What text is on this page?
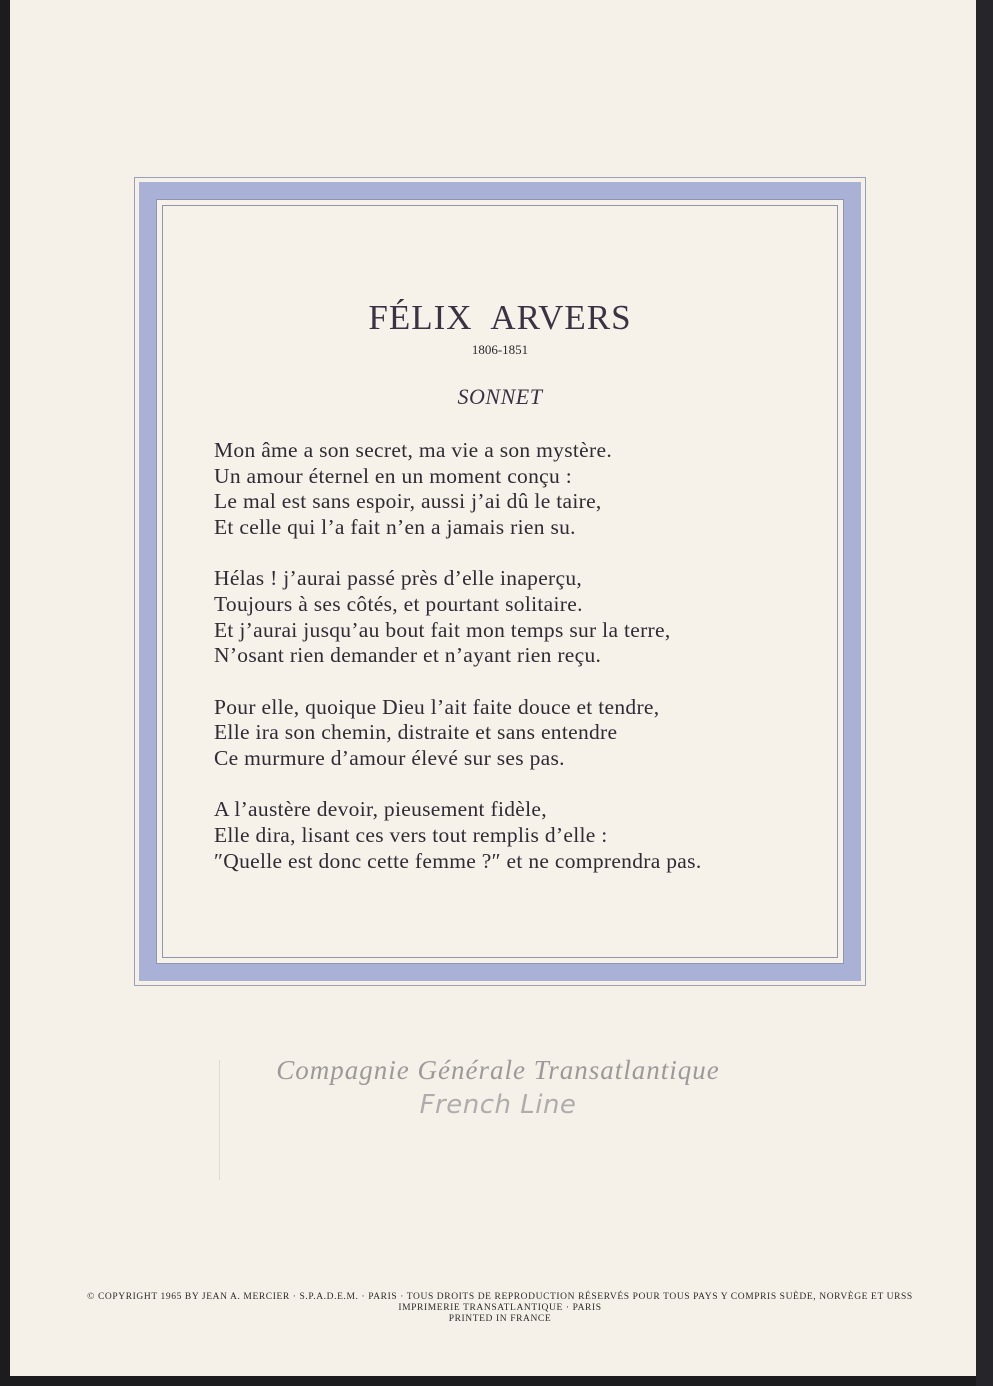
FÉLIX ARVERS
1806-1851
SONNET
Mon âme a son secret, ma vie a son mystère.
Un amour éternel en un moment conçu :
Le mal est sans espoir, aussi j’ai dû le taire,
Et celle qui l’a fait n’en a jamais rien su.
Hélas ! j’aurai passé près d’elle inaperçu,
Toujours à ses côtés, et pourtant solitaire.
Et j’aurai jusqu’au bout fait mon temps sur la terre,
N’osant rien demander et n’ayant rien reçu.
Pour elle, quoique Dieu l’ait faite douce et tendre,
Elle ira son chemin, distraite et sans entendre
Ce murmure d’amour élevé sur ses pas.
A l’austère devoir, pieusement fidèle,
Elle dira, lisant ces vers tout remplis d’elle :
″Quelle est donc cette femme ?″ et ne comprendra pas.
Compagnie Générale Transatlantique
French Line
© COPYRIGHT 1965 BY JEAN A. MERCIER · S.P.A.D.E.M. · PARIS · TOUS DROITS DE REPRODUCTION RÉSERVÉS POUR TOUS PAYS Y COMPRIS SUÈDE, NORVÈGE ET URSS
IMPRIMERIE TRANSATLANTIQUE · PARIS
PRINTED IN FRANCE
